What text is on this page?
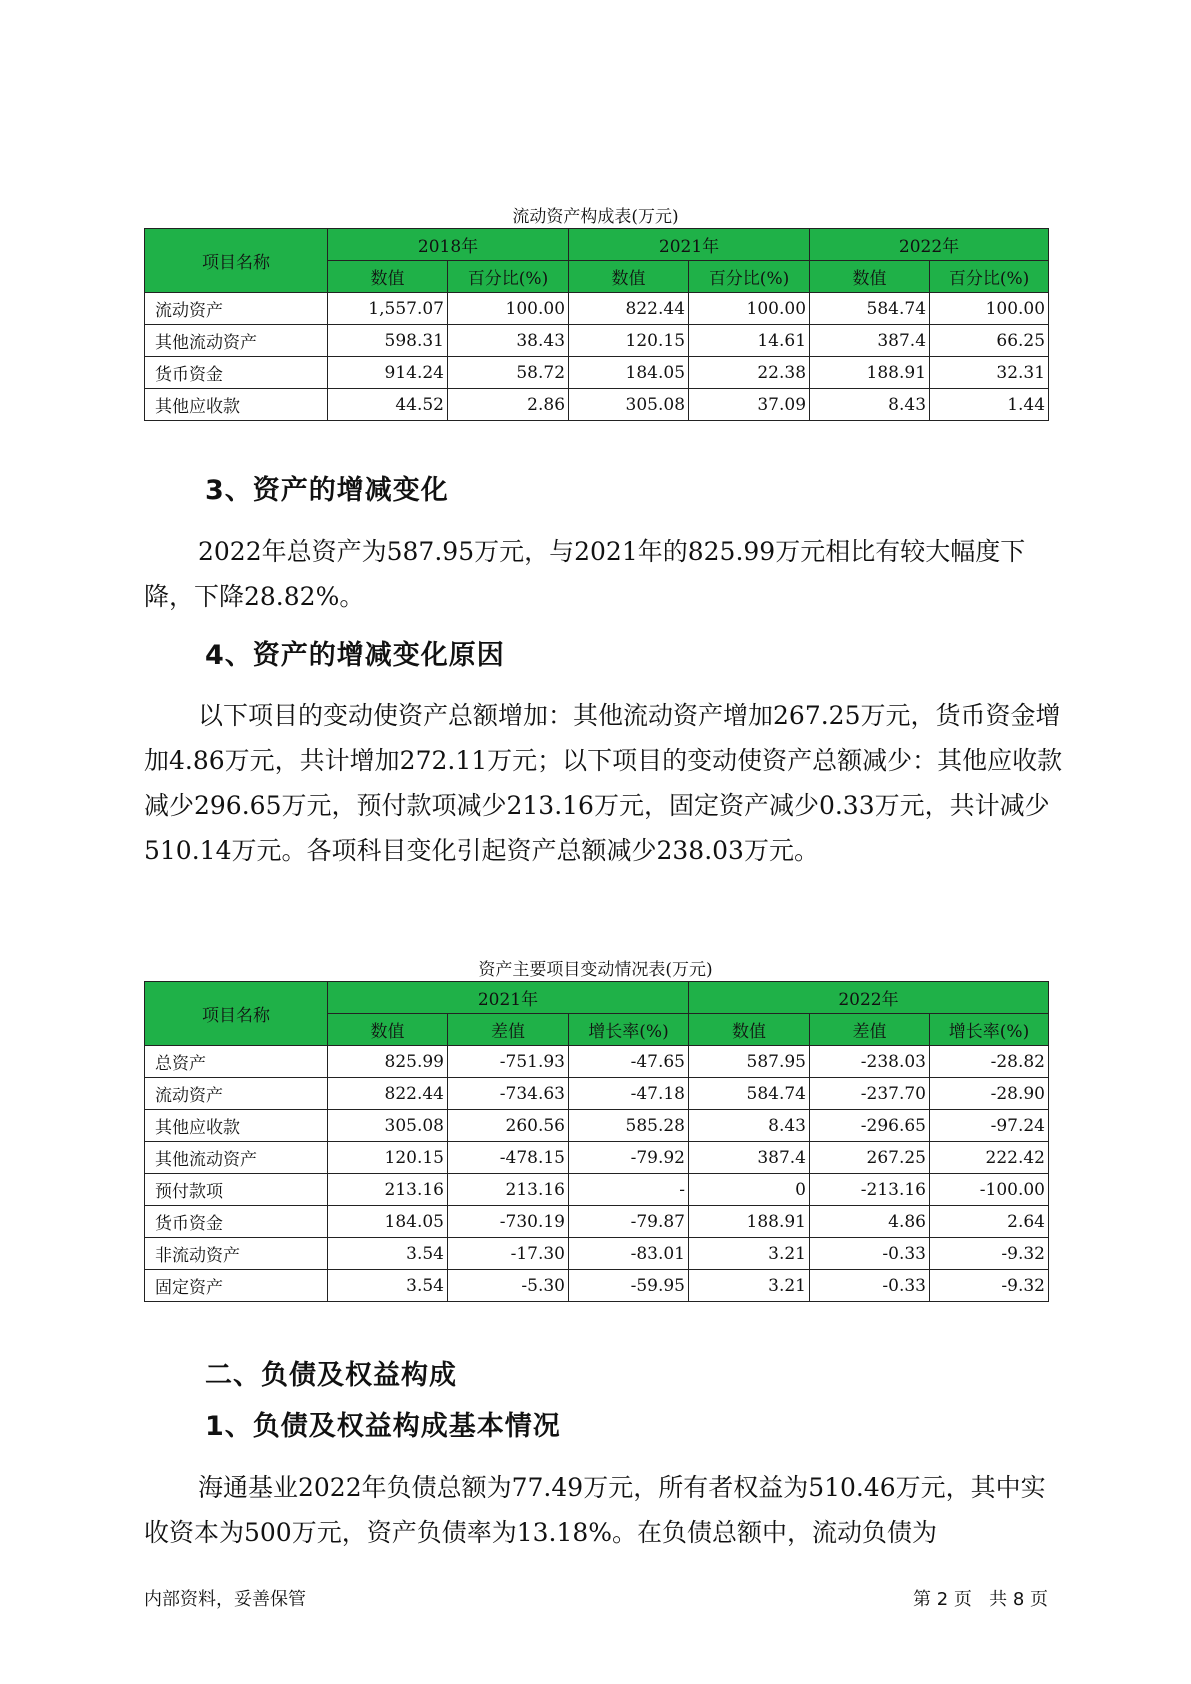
流动资产构成表(万元)
项目名称	2018年		2021年		2022年	
	数值	百分比(%)	数值	百分比(%)	数值	百分比(%)
流动资产	1,557.07	100.00	822.44	100.00	584.74	100.00
其他流动资产	598.31	38.43	120.15	14.61	387.4	66.25
货币资金	914.24	58.72	184.05	22.38	188.91	32.31
其他应收款	44.52	2.86	305.08	37.09	8.43	1.44
3、资产的增减变化

2022年总资产为587.95万元，与2021年的825.99万元相比有较大幅度下降，下降28.82%。

4、资产的增减变化原因

以下项目的变动使资产总额增加：其他流动资产增加267.25万元，货币资金增加4.86万元，共计增加272.11万元；以下项目的变动使资产总额减少：其他应收款减少296.65万元，预付款项减少213.16万元，固定资产减少0.33万元，共计减少510.14万元。各项科目变化引起资产总额减少238.03万元。

资产主要项目变动情况表(万元)
项目名称	2021年			2022年		
	数值	差值	增长率(%)	数值	差值	增长率(%)
总资产	825.99	-751.93	-47.65	587.95	-238.03	-28.82
流动资产	822.44	-734.63	-47.18	584.74	-237.70	-28.90
其他应收款	305.08	260.56	585.28	8.43	-296.65	-97.24
其他流动资产	120.15	-478.15	-79.92	387.4	267.25	222.42
预付款项	213.16	213.16	-	0	-213.16	-100.00
货币资金	184.05	-730.19	-79.87	188.91	4.86	2.64
非流动资产	3.54	-17.30	-83.01	3.21	-0.33	-9.32
固定资产	3.54	-5.30	-59.95	3.21	-0.33	-9.32
二、负债及权益构成
1、负债及权益构成基本情况

海通基业2022年负债总额为77.49万元，所有者权益为510.46万元，其中实收资本为500万元，资产负债率为13.18%。在负债总额中，流动负债为

内部资料，妥善保管	第 2 页   共 8 页
